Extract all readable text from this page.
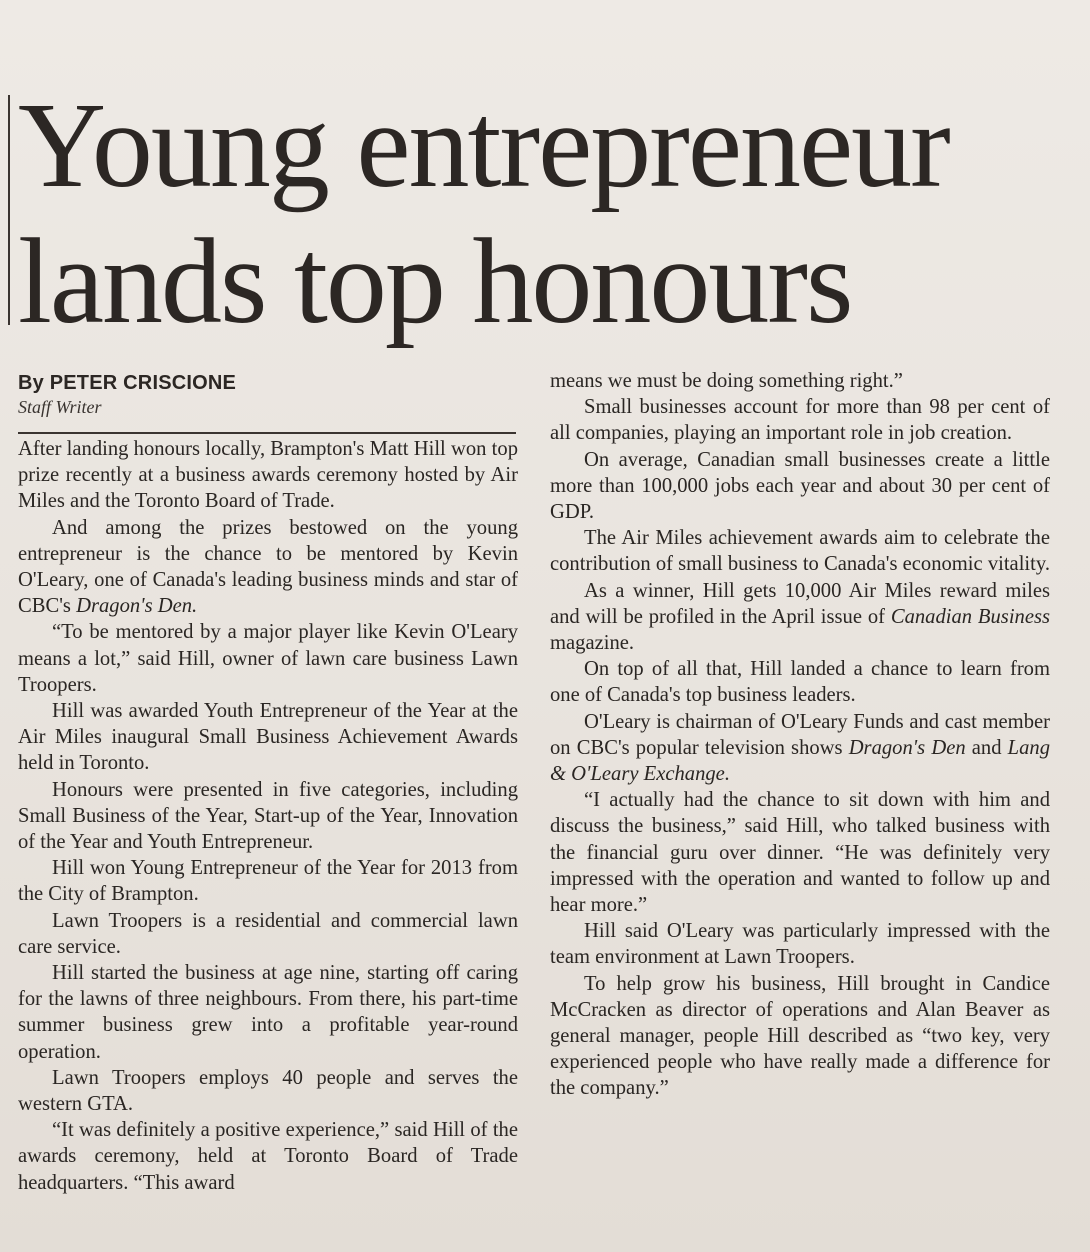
Young entrepreneur
lands top honours
By PETER CRISCIONE
Staff Writer

After landing honours locally, Brampton's Matt Hill won top prize recently at a business awards ceremony hosted by Air Miles and the Toronto Board of Trade.

And among the prizes bestowed on the young entrepreneur is the chance to be mentored by Kevin O'Leary, one of Canada's leading business minds and star of CBC's Dragon's Den.

“To be mentored by a major player like Kevin O'Leary means a lot,” said Hill, owner of lawn care business Lawn Troopers.

Hill was awarded Youth Entrepreneur of the Year at the Air Miles inaugural Small Business Achievement Awards held in Toronto.

Honours were presented in five categories, including Small Business of the Year, Start-up of the Year, Innovation of the Year and Youth Entrepreneur.

Hill won Young Entrepreneur of the Year for 2013 from the City of Brampton.

Lawn Troopers is a residential and commercial lawn care service.

Hill started the business at age nine, starting off caring for the lawns of three neighbours. From there, his part-time summer business grew into a profitable year-round operation.

Lawn Troopers employs 40 people and serves the western GTA.

“It was definitely a positive experience,” said Hill of the awards ceremony, held at Toronto Board of Trade headquarters. “This award

means we must be doing something right.”

Small businesses account for more than 98 per cent of all companies, playing an important role in job creation.

On average, Canadian small businesses create a little more than 100,000 jobs each year and about 30 per cent of GDP.

The Air Miles achievement awards aim to celebrate the contribution of small business to Canada's economic vitality.

As a winner, Hill gets 10,000 Air Miles reward miles and will be profiled in the April issue of Canadian Business magazine.

On top of all that, Hill landed a chance to learn from one of Canada's top business leaders.

O'Leary is chairman of O'Leary Funds and cast member on CBC's popular television shows Dragon's Den and Lang & O'Leary Exchange.

“I actually had the chance to sit down with him and discuss the business,” said Hill, who talked business with the financial guru over dinner. “He was definitely very impressed with the operation and wanted to follow up and hear more.”

Hill said O'Leary was particularly impressed with the team environment at Lawn Troopers.

To help grow his business, Hill brought in Candice McCracken as director of operations and Alan Beaver as general manager, people Hill described as “two key, very experienced people who have really made a difference for the company.”
